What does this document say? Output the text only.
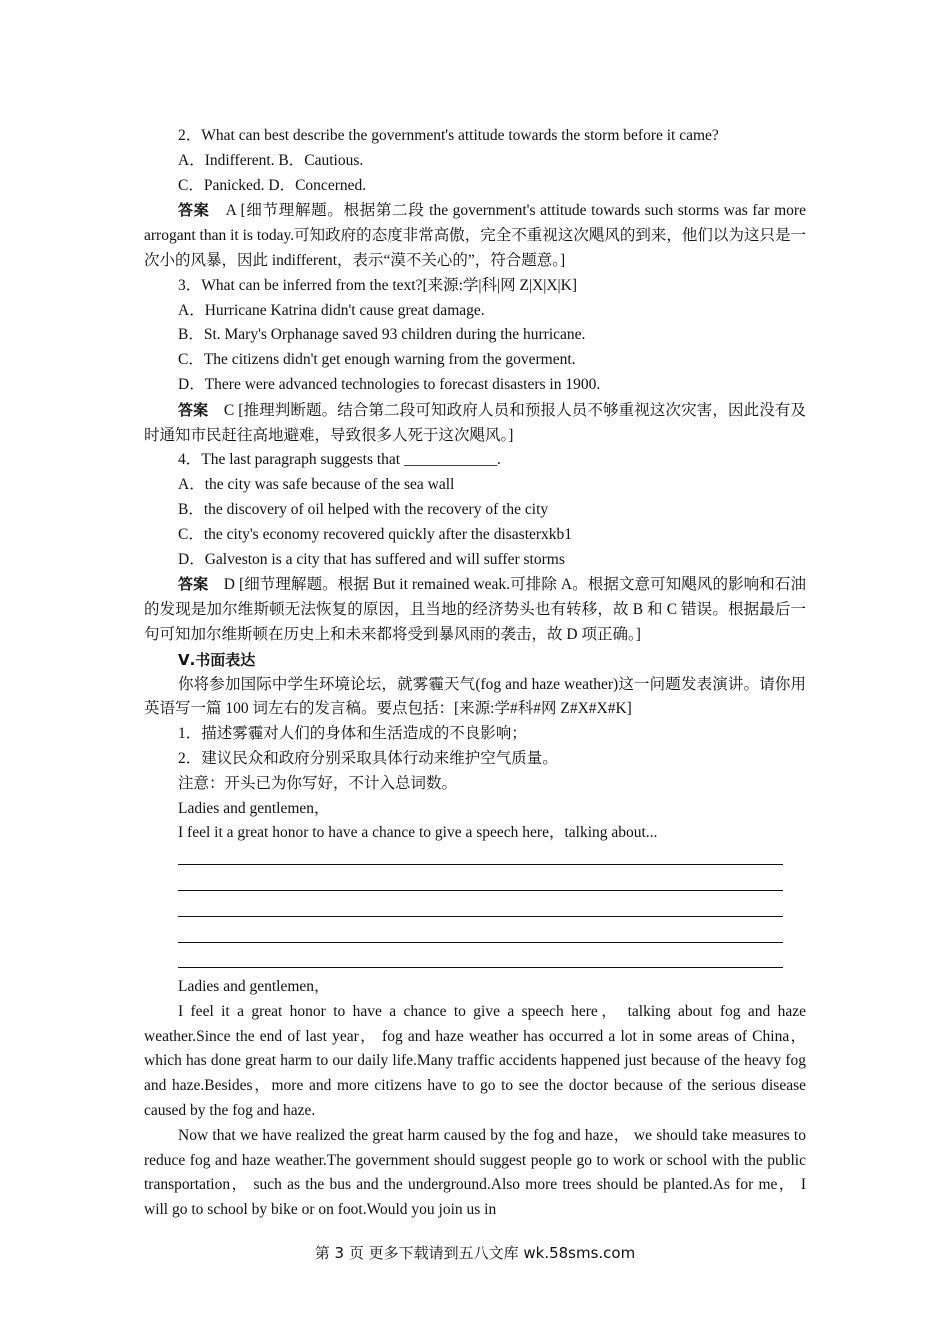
2．What can best describe the government's attitude towards the storm before it came?

A．Indifferent. B．Cautious.

C．Panicked. D．Concerned.

答案　 A [细节理解题。根据第二段 the government's attitude towards such storms was far more arrogant than it is today.可知政府的态度非常高傲，完全不重视这次飓风的到来，他们以为这只是一次小的风暴，因此 indifferent，表示“漠不关心的”，符合题意。]

3．What can be inferred from the text?[来源:学|科|网 Z|X|X|K]

A．Hurricane Katrina didn't cause great damage.

B．St. Mary's Orphanage saved 93 children during the hurricane.

C．The citizens didn't get enough warning from the goverment.

D．There were advanced technologies to forecast disasters in 1900.

答案　 C [推理判断题。结合第二段可知政府人员和预报人员不够重视这次灾害，因此没有及时通知市民赶往高地避难，导致很多人死于这次飓风。]

4．The last paragraph suggests that ____________.

A．the city was safe because of the sea wall

B．the discovery of oil helped with the recovery of the city

C．the city's economy recovered quickly after the disasterxkb1

D．Galveston is a city that has suffered and will suffer storms

答案　 D [细节理解题。根据 But it remained weak.可排除 A。根据文意可知飓风的影响和石油的发现是加尔维斯顿无法恢复的原因，且当地的经济势头也有转移，故 B 和 C 错误。根据最后一句可知加尔维斯顿在历史上和未来都将受到暴风雨的袭击，故 D 项正确。]

Ⅴ.书面表达

你将参加国际中学生环境论坛，就雾霾天气(fog and haze weather)这一问题发表演讲。请你用英语写一篇 100 词左右的发言稿。要点包括：[来源:学#科#网 Z#X#X#K]

1．描述雾霾对人们的身体和生活造成的不良影响；

2．建议民众和政府分别采取具体行动来维护空气质量。

注意：开头已为你写好，不计入总词数。

Ladies and gentlemen，

I feel it a great honor to have a chance to give a speech here，talking about...

Ladies and gentlemen，

I feel it a great honor to have a chance to give a speech here， talking about fog and haze weather.Since the end of last year， fog and haze weather has occurred a lot in some areas of China，which has done great harm to our daily life.Many traffic accidents happened just because of the heavy fog and haze.Besides，more and more citizens have to go to see the doctor because of the serious disease caused by the fog and haze.

Now that we have realized the great harm caused by the fog and haze， we should take measures to reduce fog and haze weather.The government should suggest people go to work or school with the public transportation， such as the bus and the underground.Also more trees should be planted.As for me， I will go to school by bike or on foot.Would you join us in

第 3 页 更多下载请到五八文库 wk.58sms.com
